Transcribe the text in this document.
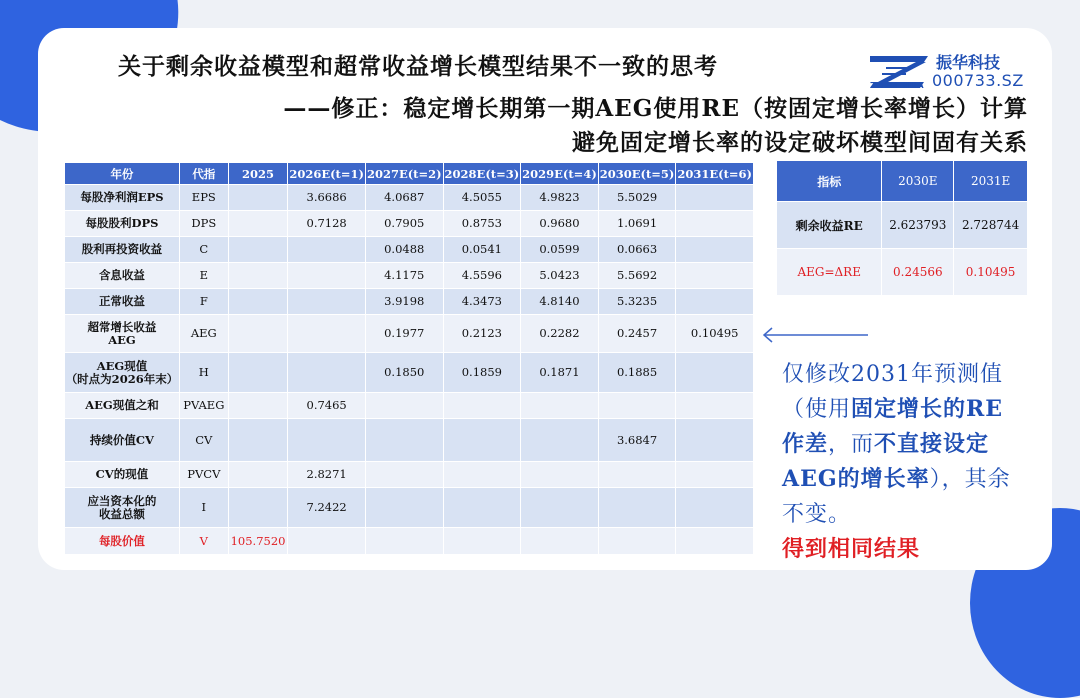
关于剩余收益模型和超常收益增长模型结果不一致的思考
——修正：稳定增长期第一期AEG使用RE（按固定增长率增长）计算
避免固定增长率的设定破坏模型间固有关系
振华科技
000733.SZ
ZHEN HUA
年份	代指	2025	2026E(t=1)	2027E(t=2)	2028E(t=3)	2029E(t=4)	2030E(t=5)	2031E(t=6)
每股净利润EPS	EPS		3.6686	4.0687	4.5055	4.9823	5.5029	
每股股利DPS	DPS		0.7128	0.7905	0.8753	0.9680	1.0691	
股利再投资收益	C			0.0488	0.0541	0.0599	0.0663	
含息收益	E			4.1175	4.5596	5.0423	5.5692	
正常收益	F			3.9198	4.3473	4.8140	5.3235	
超常增长收益
AEG	AEG			0.1977	0.2123	0.2282	0.2457	0.10495
AEG现值
（时点为2026年末）	H			0.1850	0.1859	0.1871	0.1885	
AEG现值之和	PVAEG		0.7465					
持续价值CV	CV						3.6847	
CV的现值	PVCV		2.8271					
应当资本化的
收益总额	I		7.2422					
每股价值	V	105.7520						
指标	2030E	2031E
剩余收益RE	2.623793	2.728744
AEG=ΔRE	0.24566	0.10495
仅修改2031年预测值（使用固定增长的RE作差，而不直接设定AEG的增长率），其余不变。
得到相同结果
